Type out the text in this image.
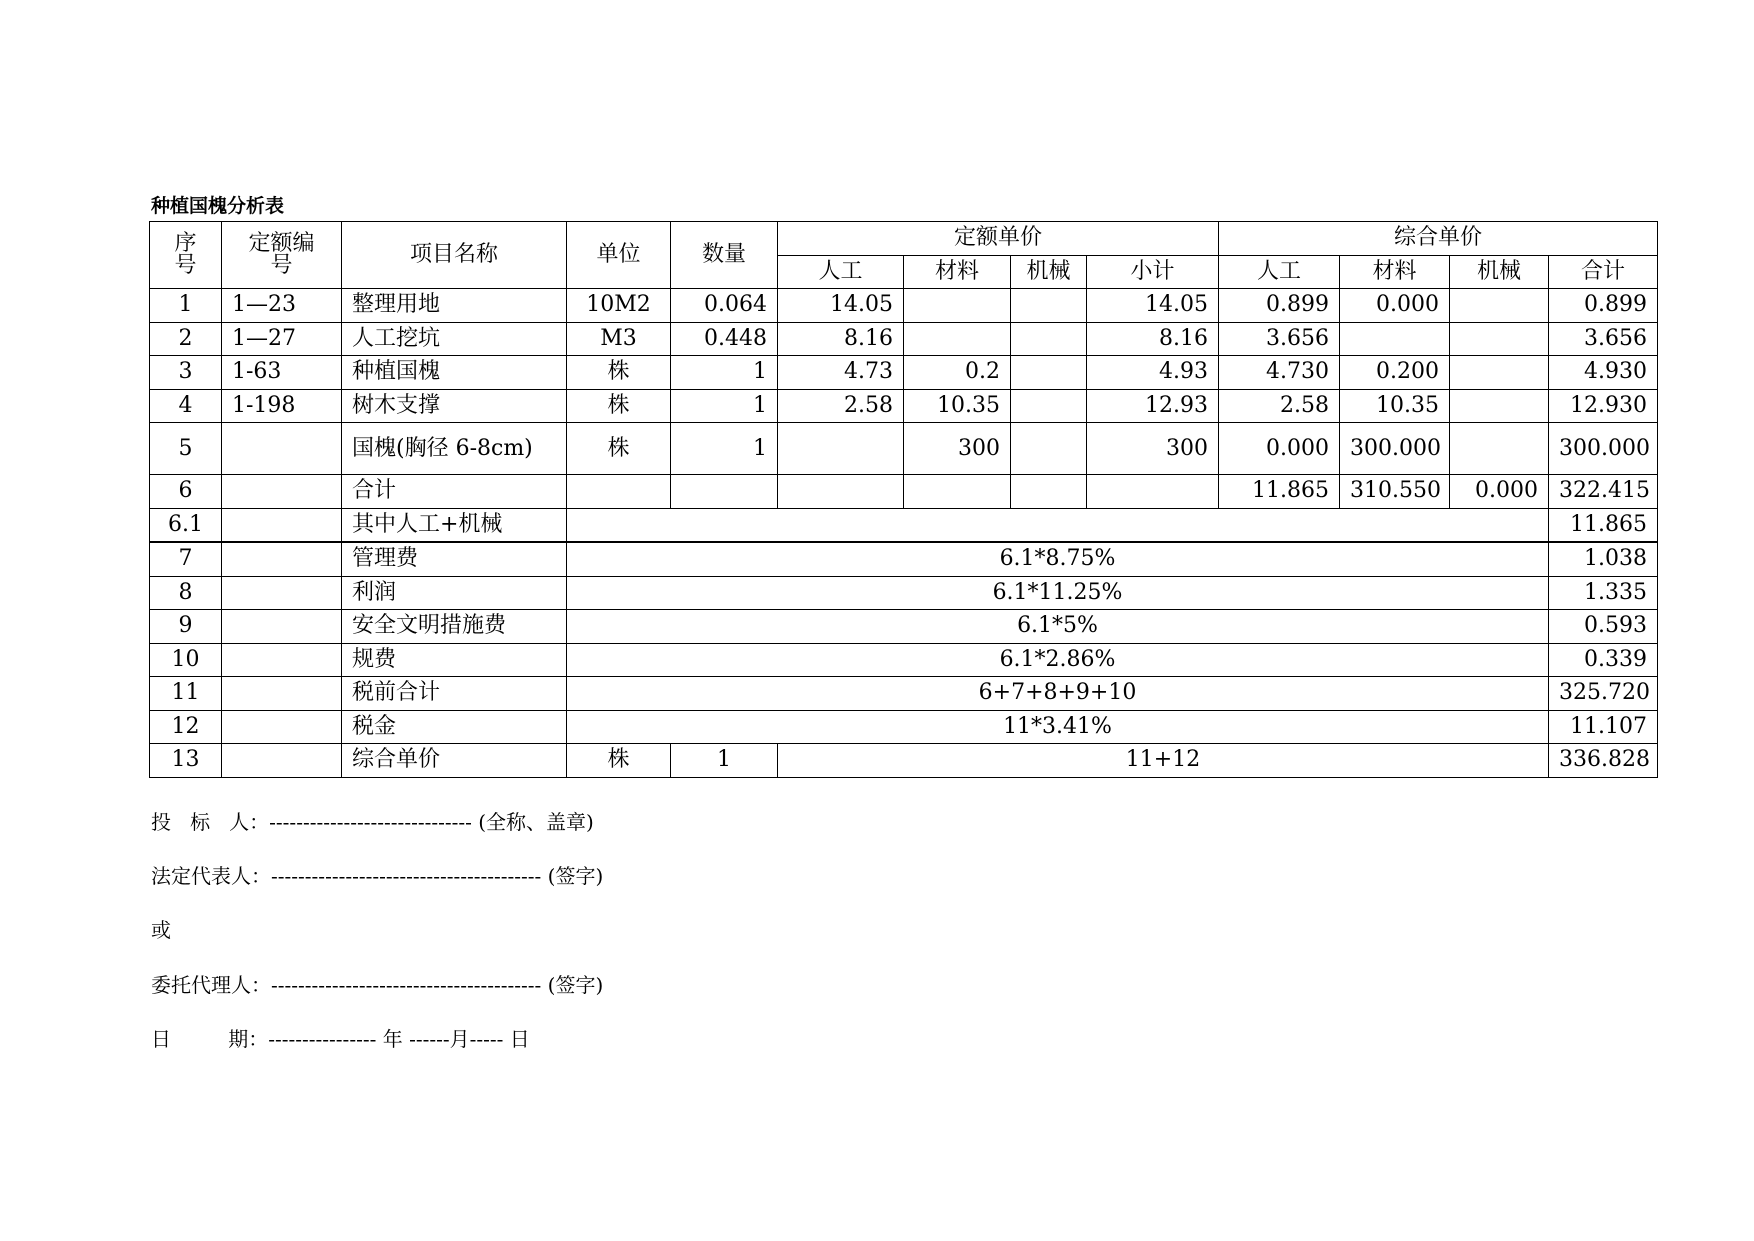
种植国槐分析表
序号	定额编号	项目名称	单位	数量	定额单价				综合单价			
					人工	材料	机械	小计	人工	材料	机械	合计
1	1—23	整理用地	10M2	0.064	14.05			14.05	0.899	0.000		0.899
2	1—27	人工挖坑	M3	0.448	8.16			8.16	3.656			3.656
3	1-63	种植国槐	株	1	4.73	0.2		4.93	4.730	0.200		4.930
4	1-198	树木支撑	株	1	2.58	10.35		12.93	2.58	10.35		12.930
5		国槐(胸径 6-8cm)	株	1		300		300	0.000	300.000		300.000
6		合计							11.865	310.550	0.000	322.415
6.1		其中人工+机械										11.865
7		管理费	6.1*8.75%									1.038
8		利润	6.1*11.25%									1.335
9		安全文明措施费	6.1*5%									0.593
10		规费	6.1*2.86%									0.339
11		税前合计	6+7+8+9+10									325.720
12		税金	11*3.41%									11.107
13		综合单价	株	1	11+12							336.828
投   标   人：------------------------------ (全称、盖章)
法定代表人：---------------------------------------- (签字)
或
委托代理人：---------------------------------------- (签字)
日         期：---------------- 年 ------月----- 日
